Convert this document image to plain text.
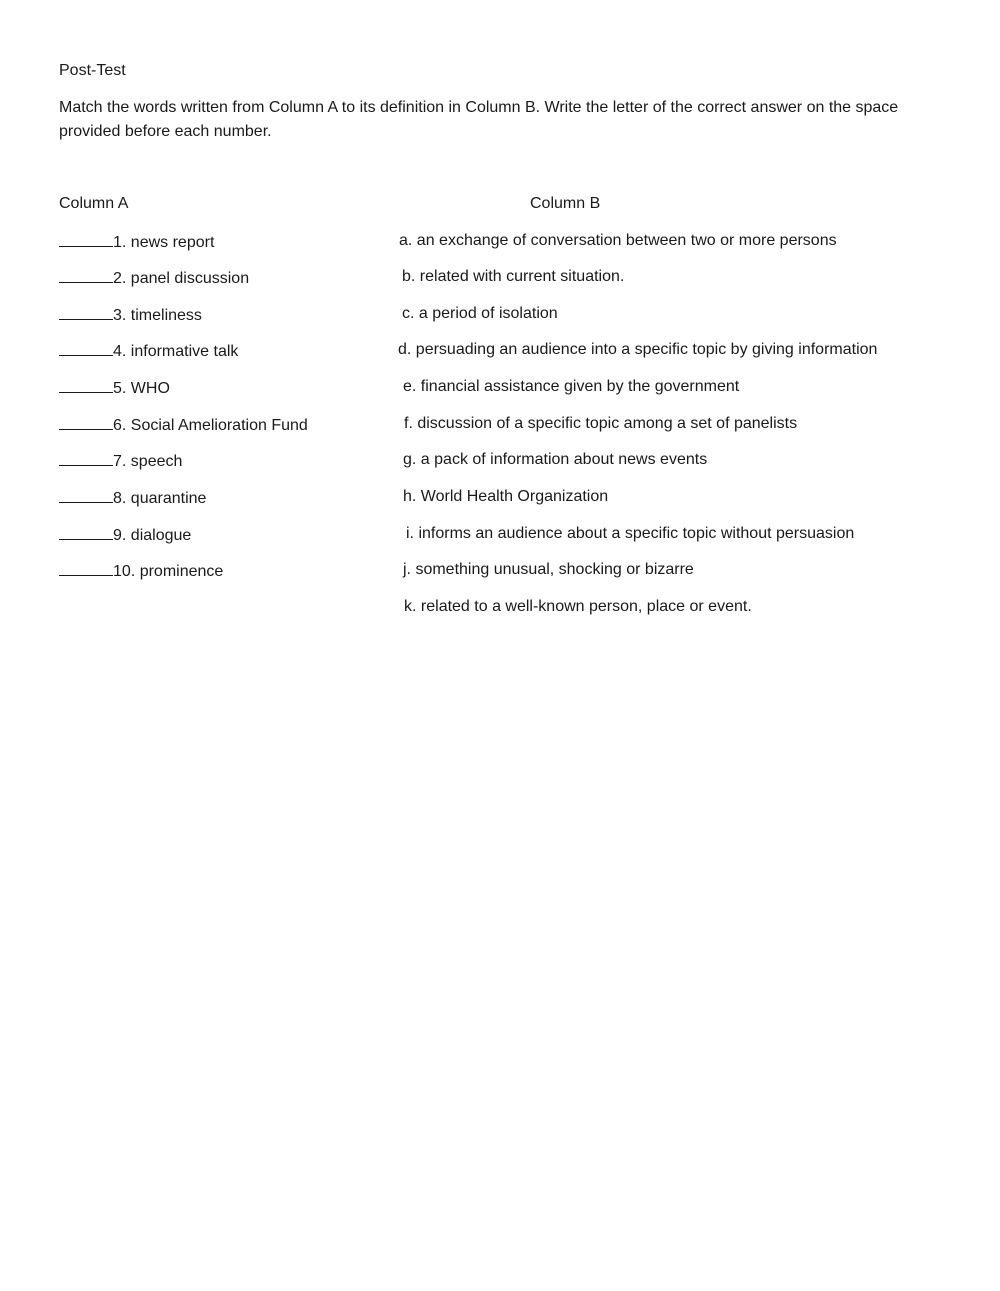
Post-Test
Match the words written from Column A to its definition in Column B. Write the letter of the correct answer on the space provided before each number.
Column A	Column B
1. news report
2. panel discussion
3. timeliness
4. informative talk
5. WHO
6. Social Amelioration Fund
7. speech
8. quarantine
9. dialogue
10. prominence
a. an exchange of conversation between two or more persons
b. related with current situation.
c. a period of isolation
d. persuading an audience into a specific topic by giving information
e. financial assistance given by the government
f. discussion of a specific topic among a set of panelists
g. a pack of information about news events
h. World Health Organization
i. informs an audience about a specific topic without persuasion
j. something unusual, shocking or bizarre
k. related to a well-known person, place or event.
